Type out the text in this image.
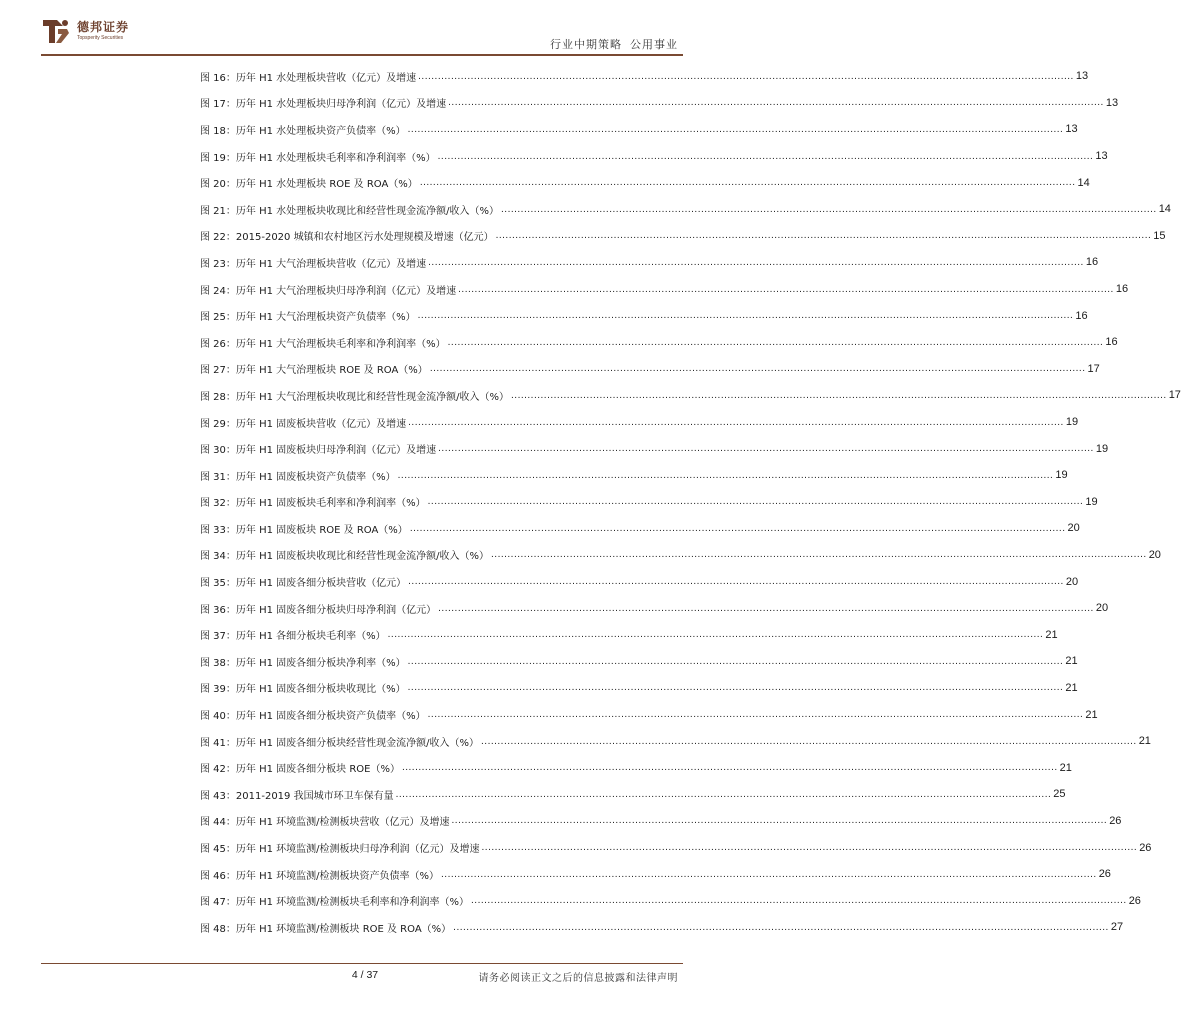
德邦证券
Topsperity Securities	行业中期策略 公用事业
图 16：历年 H1 水处理板块营收（亿元）及增速 ........................................................................................................................................................................................................ 13
图 17：历年 H1 水处理板块归母净利润（亿元）及增速 ........................................................................................................................................................................................................ 13
图 18：历年 H1 水处理板块资产负债率（%） ........................................................................................................................................................................................................ 13
图 19：历年 H1 水处理板块毛利率和净利润率（%） ........................................................................................................................................................................................................ 13
图 20：历年 H1 水处理板块 ROE 及 ROA（%） ........................................................................................................................................................................................................ 14
图 21：历年 H1 水处理板块收现比和经营性现金流净额/收入（%） ........................................................................................................................................................................................................ 14
图 22：2015-2020 城镇和农村地区污水处理规模及增速（亿元） ........................................................................................................................................................................................................ 15
图 23：历年 H1 大气治理板块营收（亿元）及增速 ........................................................................................................................................................................................................ 16
图 24：历年 H1 大气治理板块归母净利润（亿元）及增速 ........................................................................................................................................................................................................ 16
图 25：历年 H1 大气治理板块资产负债率（%） ........................................................................................................................................................................................................ 16
图 26：历年 H1 大气治理板块毛利率和净利润率（%） ........................................................................................................................................................................................................ 16
图 27：历年 H1 大气治理板块 ROE 及 ROA（%） ........................................................................................................................................................................................................ 17
图 28：历年 H1 大气治理板块收现比和经营性现金流净额/收入（%） ........................................................................................................................................................................................................ 17
图 29：历年 H1 固废板块营收（亿元）及增速 ........................................................................................................................................................................................................ 19
图 30：历年 H1 固废板块归母净利润（亿元）及增速 ........................................................................................................................................................................................................ 19
图 31：历年 H1 固废板块资产负债率（%） ........................................................................................................................................................................................................ 19
图 32：历年 H1 固废板块毛利率和净利润率（%） ........................................................................................................................................................................................................ 19
图 33：历年 H1 固废板块 ROE 及 ROA（%） ........................................................................................................................................................................................................ 20
图 34：历年 H1 固废板块收现比和经营性现金流净额/收入（%） ........................................................................................................................................................................................................ 20
图 35：历年 H1 固废各细分板块营收（亿元） ........................................................................................................................................................................................................ 20
图 36：历年 H1 固废各细分板块归母净利润（亿元） ........................................................................................................................................................................................................ 20
图 37：历年 H1 各细分板块毛利率（%） ........................................................................................................................................................................................................ 21
图 38：历年 H1 固废各细分板块净利率（%） ........................................................................................................................................................................................................ 21
图 39：历年 H1 固废各细分板块收现比（%） ........................................................................................................................................................................................................ 21
图 40：历年 H1 固废各细分板块资产负债率（%） ........................................................................................................................................................................................................ 21
图 41：历年 H1 固废各细分板块经营性现金流净额/收入（%） ........................................................................................................................................................................................................ 21
图 42：历年 H1 固废各细分板块 ROE（%） ........................................................................................................................................................................................................ 21
图 43：2011-2019 我国城市环卫车保有量 ........................................................................................................................................................................................................ 25
图 44：历年 H1 环境监测/检测板块营收（亿元）及增速 ........................................................................................................................................................................................................ 26
图 45：历年 H1 环境监测/检测板块归母净利润（亿元）及增速 ........................................................................................................................................................................................................ 26
图 46：历年 H1 环境监测/检测板块资产负债率（%） ........................................................................................................................................................................................................ 26
图 47：历年 H1 环境监测/检测板块毛利率和净利润率（%） ........................................................................................................................................................................................................ 26
图 48：历年 H1 环境监测/检测板块 ROE 及 ROA（%） ........................................................................................................................................................................................................ 27
4 / 37	请务必阅读正文之后的信息披露和法律声明
